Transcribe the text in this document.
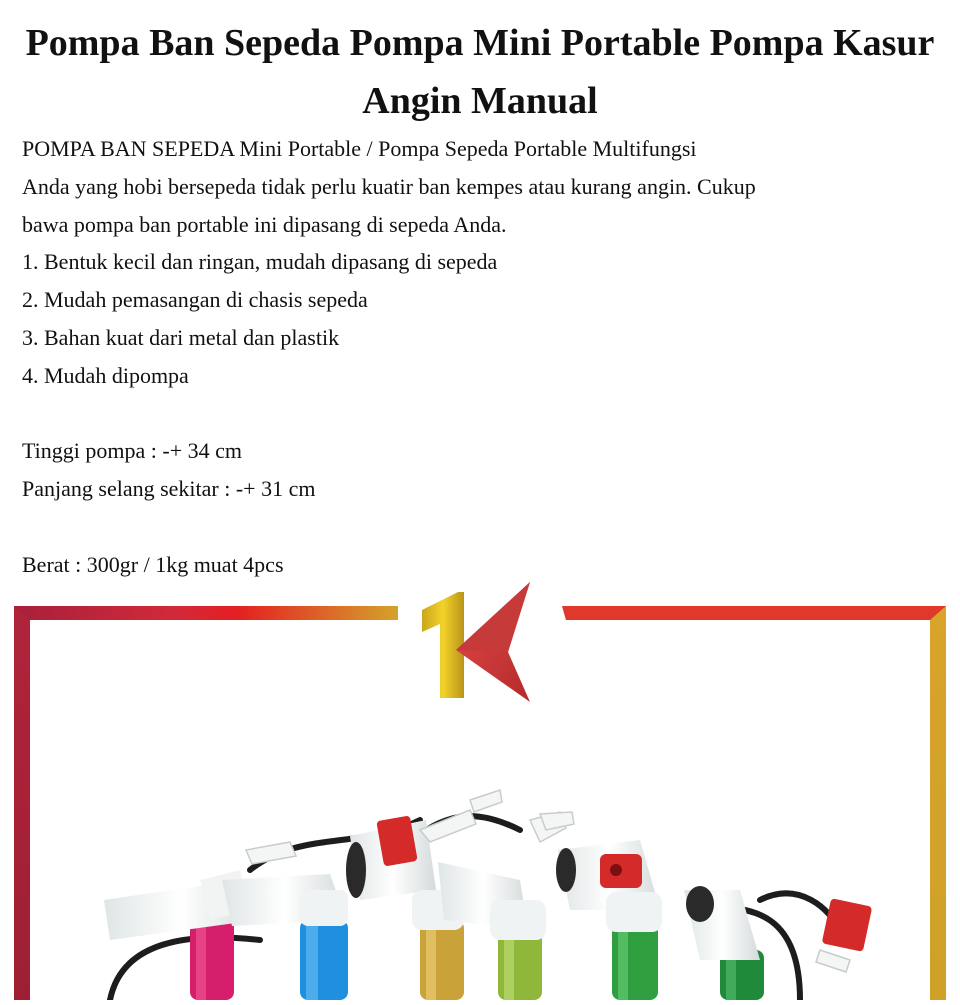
Pompa Ban Sepeda Pompa Mini Portable Pompa Kasur Angin Manual
POMPA BAN SEPEDA Mini Portable / Pompa Sepeda Portable Multifungsi
Anda yang hobi bersepeda tidak perlu kuatir ban kempes atau kurang angin. Cukup
bawa pompa ban portable ini dipasang di sepeda Anda.
1. Bentuk kecil dan ringan, mudah dipasang di sepeda
2. Mudah pemasangan di chasis sepeda
3. Bahan kuat dari metal dan plastik
4. Mudah dipompa
Tinggi pompa : -+ 34 cm
Panjang selang sekitar : -+ 31 cm
Berat : 300gr / 1kg muat 4pcs
